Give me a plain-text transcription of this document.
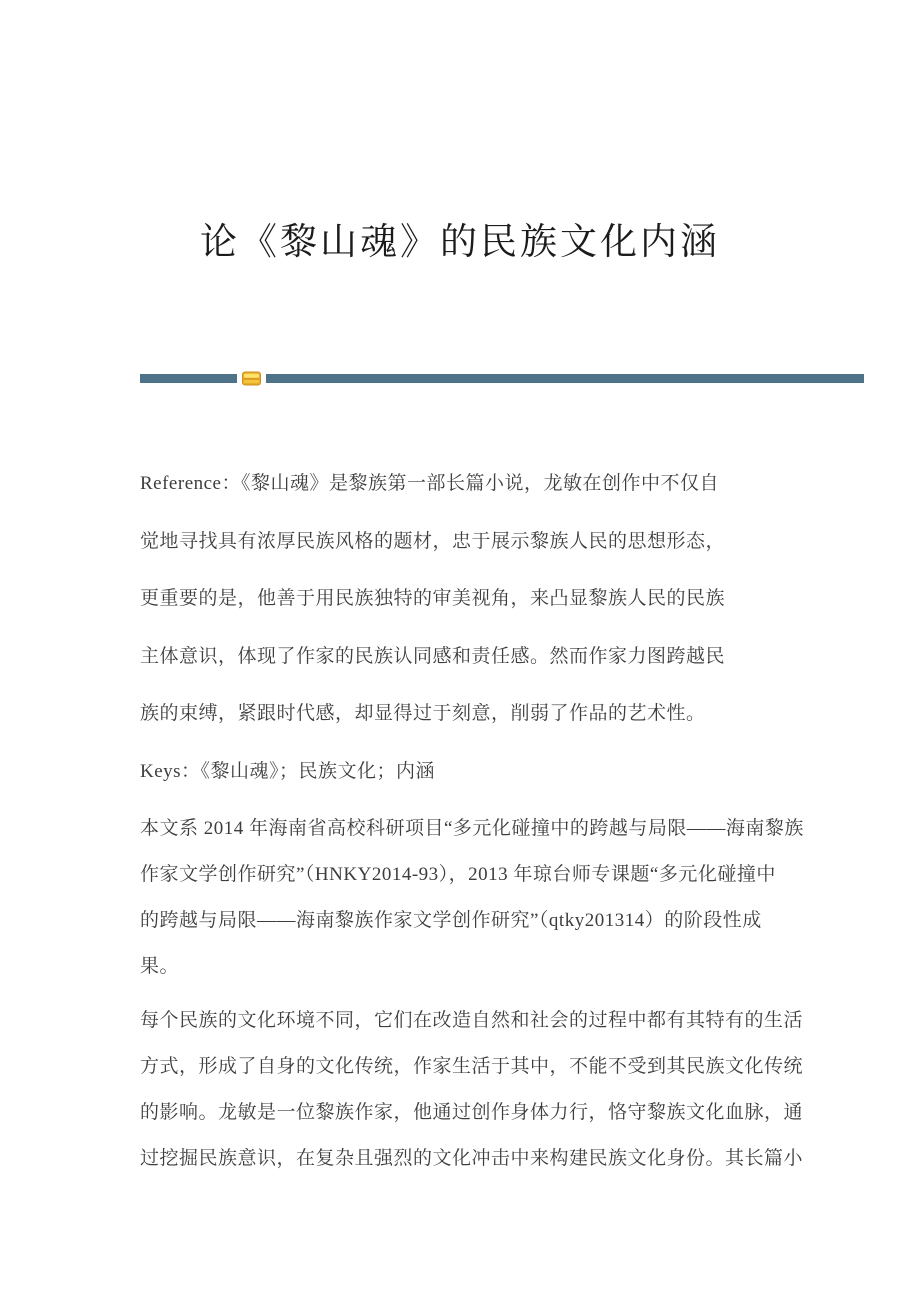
论《黎山魂》的民族文化内涵
Reference：《黎山魂》是黎族第一部长篇小说，龙敏在创作中不仅自
觉地寻找具有浓厚民族风格的题材，忠于展示黎族人民的思想形态，
更重要的是，他善于用民族独特的审美视角，来凸显黎族人民的民族
主体意识，体现了作家的民族认同感和责任感。然而作家力图跨越民
族的束缚，紧跟时代感，却显得过于刻意，削弱了作品的艺术性。
Keys：《黎山魂》；民族文化；内涵
本文系 2014 年海南省高校科研项目“多元化碰撞中的跨越与局限——海南黎族
作家文学创作研究”（HNKY2014-93），2013 年琼台师专课题“多元化碰撞中
的跨越与局限——海南黎族作家文学创作研究”（qtky201314）的阶段性成
果。
每个民族的文化环境不同，它们在改造自然和社会的过程中都有其特有的生活
方式，形成了自身的文化传统，作家生活于其中，不能不受到其民族文化传统
的影响。龙敏是一位黎族作家，他通过创作身体力行，恪守黎族文化血脉，通
过挖掘民族意识，在复杂且强烈的文化冲击中来构建民族文化身份。其长篇小
